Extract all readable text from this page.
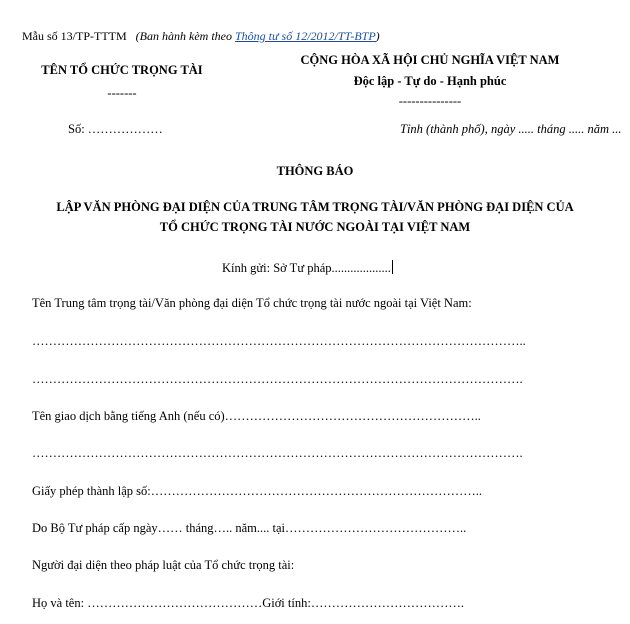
Mẫu số 13/TP-TTTM (Ban hành kèm theo Thông tư số 12/2012/TT-BTP)
TÊN TỔ CHỨC TRỌNG TÀI
-------
CỘNG HÒA XÃ HỘI CHỦ NGHĨA VIỆT NAM
Độc lập - Tự do - Hạnh phúc
---------------
Số: ………………	Tỉnh (thành phố), ngày ..... tháng ..... năm ...
THÔNG BÁO
LẬP VĂN PHÒNG ĐẠI DIỆN CỦA TRUNG TÂM TRỌNG TÀI/VĂN PHÒNG ĐẠI DIỆN CỦA
TỔ CHỨC TRỌNG TÀI NƯỚC NGOÀI TẠI VIỆT NAM
Kính gửi: Sở Tư pháp...................
Tên Trung tâm trọng tài/Văn phòng đại diện Tổ chức trọng tài nước ngoài tại Việt Nam:
………………………………………………………………………………………………………..
……………………………………………………………………………………………………….
Tên giao dịch bằng tiếng Anh (nếu có)……………………………………………………..
……………………………………………………………………………………………………….
Giấy phép thành lập số:……………………………………………………………………..
Do Bộ Tư pháp cấp ngày…… tháng….. năm.... tại……………………………………..
Người đại diện theo pháp luật của Tổ chức trọng tài:
Họ và tên: ……………………………………Giới tính:……………………………….
